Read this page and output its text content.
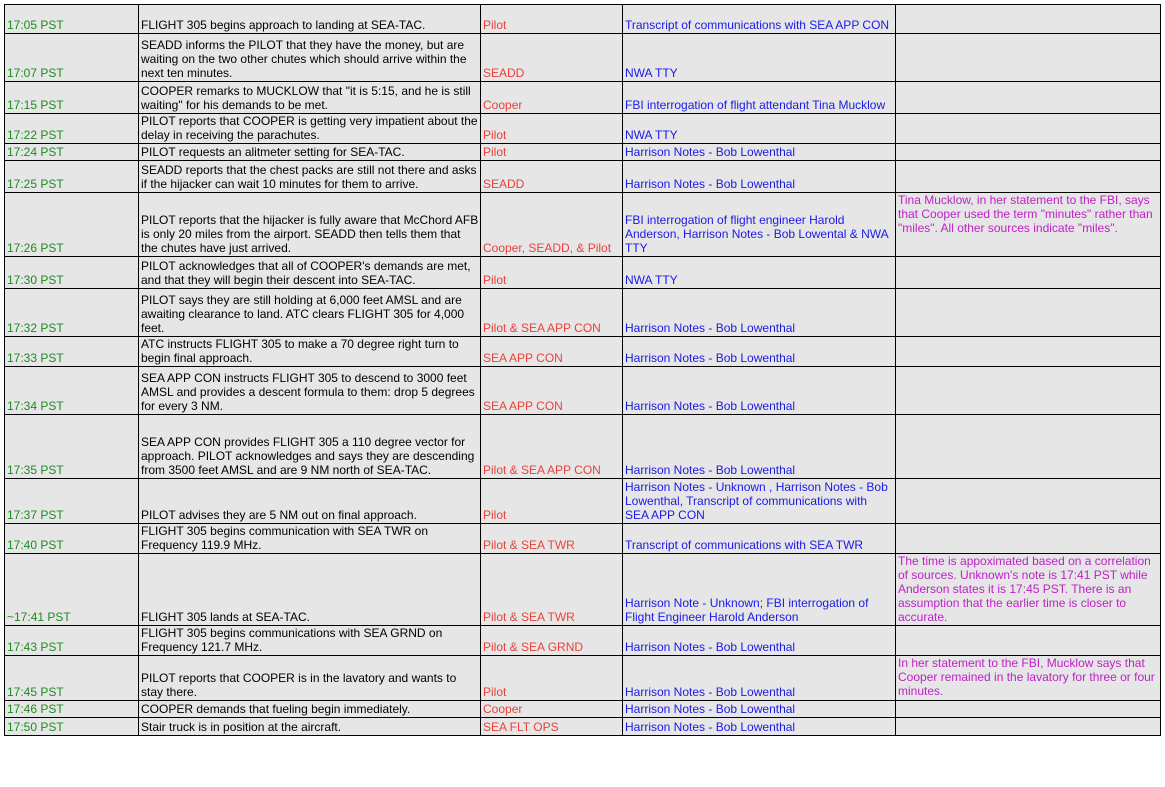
17:05 PST	FLIGHT 305 begins approach to landing at SEA-TAC.	Pilot	Transcript of communications with SEA APP CON	
17:07 PST	SEADD informs the PILOT that they have the money, but are waiting on the two other chutes which should arrive within the next ten minutes.	SEADD	NWA TTY	
17:15 PST	COOPER remarks to MUCKLOW that "it is 5:15, and he is still waiting" for his demands to be met.	Cooper	FBI interrogation of flight attendant Tina Mucklow	
17:22 PST	PILOT reports that COOPER is getting very impatient about the delay in receiving the parachutes.	Pilot	NWA TTY	
17:24 PST	PILOT requests an alitmeter setting for SEA-TAC.	Pilot	Harrison Notes - Bob Lowenthal	
17:25 PST	SEADD reports that the chest packs are still not there and asks if the hijacker can wait 10 minutes for them to arrive.	SEADD	Harrison Notes - Bob Lowenthal	
17:26 PST	PILOT reports that the hijacker is fully aware that McChord AFB is only 20 miles from the airport. SEADD then tells them that the chutes have just arrived.	Cooper, SEADD, & Pilot	FBI interrogation of flight engineer Harold Anderson, Harrison Notes - Bob Lowental & NWA TTY	Tina Mucklow, in her statement to the FBI, says that Cooper used the term "minutes" rather than "miles". All other sources indicate "miles".
17:30 PST	PILOT acknowledges that all of COOPER's demands are met, and that they will begin their descent into SEA-TAC.	Pilot	NWA TTY	
17:32 PST	PILOT says they are still holding at 6,000 feet AMSL and are awaiting clearance to land. ATC clears FLIGHT 305 for 4,000 feet.	Pilot & SEA APP CON	Harrison Notes - Bob Lowenthal	
17:33 PST	ATC instructs FLIGHT 305 to make a 70 degree right turn to begin final approach.	SEA APP CON	Harrison Notes - Bob Lowenthal	
17:34 PST	SEA APP CON instructs FLIGHT 305 to descend to 3000 feet AMSL and provides a descent formula to them: drop 5 degrees for every 3 NM.	SEA APP CON	Harrison Notes - Bob Lowenthal	
17:35 PST	SEA APP CON provides FLIGHT 305 a 110 degree vector for approach. PILOT acknowledges and says they are descending from 3500 feet AMSL and are 9 NM north of SEA-TAC.	Pilot & SEA APP CON	Harrison Notes - Bob Lowenthal	
17:37 PST	PILOT advises they are 5 NM out on final approach.	Pilot	Harrison Notes - Unknown , Harrison Notes - Bob Lowenthal, Transcript of communications with SEA APP CON	
17:40 PST	FLIGHT 305 begins communication with SEA TWR on Frequency 119.9 MHz.	Pilot & SEA TWR	Transcript of communications with SEA TWR	
~17:41 PST	FLIGHT 305 lands at SEA-TAC.	Pilot & SEA TWR	Harrison Note - Unknown; FBI interrogation of Flight Engineer Harold Anderson	The time is appoximated based on a correlation of sources. Unknown's note is 17:41 PST while Anderson states it is 17:45 PST. There is an assumption that the earlier time is closer to accurate.
17:43 PST	FLIGHT 305 begins communications with SEA GRND on Frequency 121.7 MHz.	Pilot & SEA GRND	Harrison Notes - Bob Lowenthal	
17:45 PST	PILOT reports that COOPER is in the lavatory and wants to stay there.	Pilot	Harrison Notes - Bob Lowenthal	In her statement to the FBI, Mucklow says that Cooper remained in the lavatory for three or four minutes.
17:46 PST	COOPER demands that fueling begin immediately.	Cooper	Harrison Notes - Bob Lowenthal	
17:50 PST	Stair truck is in position at the aircraft.	SEA FLT OPS	Harrison Notes - Bob Lowenthal	
